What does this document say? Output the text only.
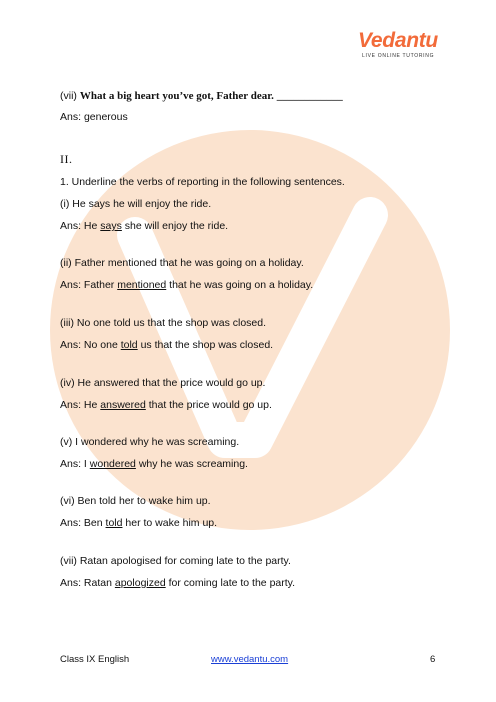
Vedantu
LIVE ONLINE TUTORING
(vii) What a big heart you’ve got, Father dear. ____________
Ans: generous
II.
1. Underline the verbs of reporting in the following sentences.
(i) He says he will enjoy the ride.
Ans: He says she will enjoy the ride.
(ii) Father mentioned that he was going on a holiday.
Ans: Father mentioned that he was going on a holiday.
(iii) No one told us that the shop was closed.
Ans: No one told us that the shop was closed.
(iv) He answered that the price would go up.
Ans: He answered that the price would go up.
(v) I wondered why he was screaming.
Ans: I wondered why he was screaming.
(vi) Ben told her to wake him up.
Ans: Ben told her to wake him up.
(vii) Ratan apologised for coming late to the party.
Ans: Ratan apologized for coming late to the party.
Class IX English	www.vedantu.com	6
